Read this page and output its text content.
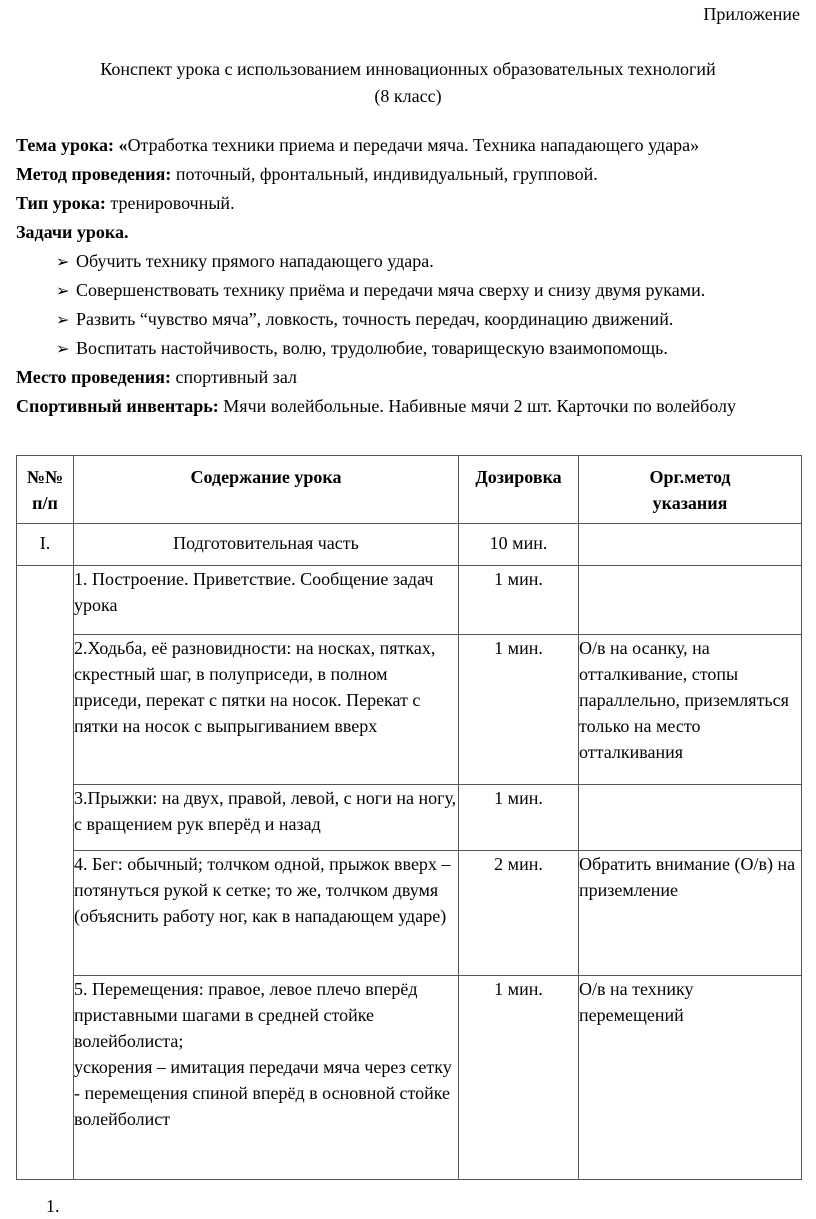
Приложение
Конспект урока с использованием инновационных образовательных технологий
(8 класс)
Тема урока: «Отработка техники приема и передачи мяча. Техника нападающего удара»
Метод проведения: поточный, фронтальный, индивидуальный, групповой.
Тип урока: тренировочный.
Задачи урока.
➢ Обучить технику прямого нападающего удара.
➢ Совершенствовать технику приёма и передачи мяча сверху и снизу двумя руками.
➢ Развить “чувство мяча”, ловкость, точность передач, координацию движений.
➢ Воспитать настойчивость, волю, трудолюбие, товарищескую взаимопомощь.
Место проведения: спортивный зал
Спортивный инвентарь: Мячи волейбольные. Набивные мячи 2 шт. Карточки по волейболу
№№ п/п	Содержание урока	Дозировка	Орг.метод указания

I.	Подготовительная часть	10 мин.	
	1. Построение. Приветствие. Сообщение задач урока	1 мин.	
	2.Ходьба, её разновидности: на носках, пятках, скрестный шаг, в полуприседи, в полном приседи, перекат с пятки на носок. Перекат с пятки на носок с выпрыгиванием вверх	1 мин.	О/в на осанку, на отталкивание, стопы параллельно, приземляться только на место отталкивания
	3.Прыжки: на двух, правой, левой, с ноги на ногу, с вращением рук вперёд и назад	1 мин.	
	4. Бег: обычный; толчком одной, прыжок вверх – потянуться рукой к сетке; то же, толчком двумя (объяснить работу ног, как в нападающем ударе)	2 мин.	Обратить внимание (О/в) на приземление
	5. Перемещения: правое, левое плечо вперёд приставными шагами в средней стойке волейболиста;
ускорения – имитация передачи мяча через сетку - перемещения спиной вперёд в основной стойке волейболист	1 мин.	О/в на технику перемещений
1.
